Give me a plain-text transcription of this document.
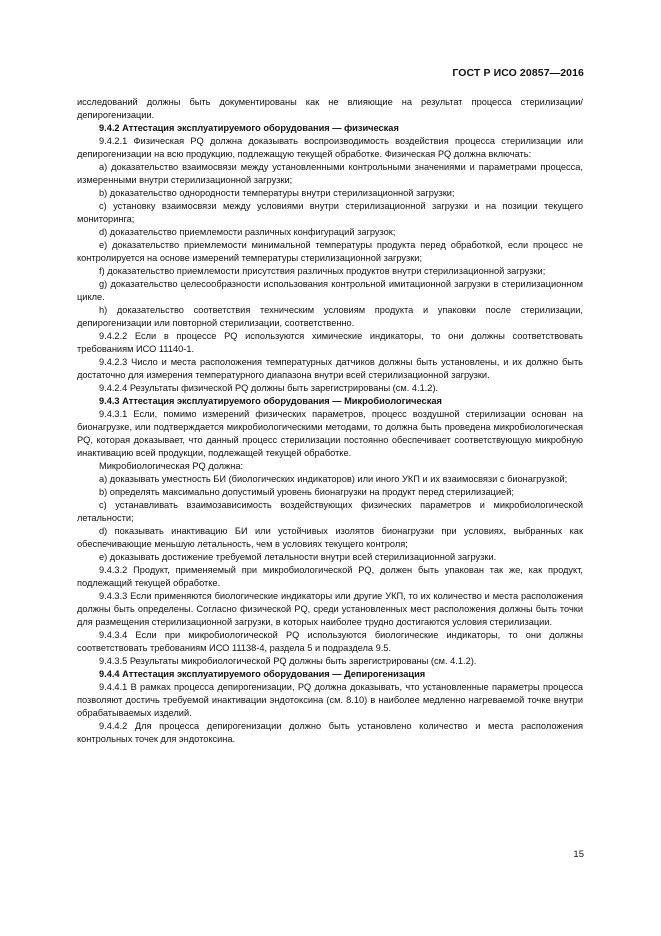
ГОСТ Р ИСО 20857—2016

исследований должны быть документированы как не влияющие на результат процесса стерилизации/депирогенизации.

9.4.2 Аттестация эксплуатируемого оборудования — физическая

9.4.2.1 Физическая PQ должна доказывать воспроизводимость воздействия процесса стерилизации или депирогенизации на всю продукцию, подлежащую текущей обработке. Физическая PQ должна включать:

a) доказательство взаимосвязи между установленными контрольными значениями и параметрами процесса, измеренными внутри стерилизационной загрузки;

b) доказательство однородности температуры внутри стерилизационной загрузки;

c) установку взаимосвязи между условиями внутри стерилизационной загрузки и на позиции текущего мониторинга;

d) доказательство приемлемости различных конфигураций загрузок;

e) доказательство приемлемости минимальной температуры продукта перед обработкой, если процесс не контролируется на основе измерений температуры стерилизационной загрузки;

f) доказательство приемлемости присутствия различных продуктов внутри стерилизационной загрузки;

g) доказательство целесообразности использования контрольной имитационной загрузки в стерилизационном цикле.

h) доказательство соответствия техническим условиям продукта и упаковки после стерилизации, депирогенизации или повторной стерилизации, соответственно.

9.4.2.2 Если в процессе PQ используются химические индикаторы, то они должны соответствовать требованиям ИСО 11140-1.

9.4.2.3 Число и места расположения температурных датчиков должны быть установлены, и их должно быть достаточно для измерения температурного диапазона внутри всей стерилизационной загрузки.

9.4.2.4 Результаты физической PQ должны быть зарегистрированы (см. 4.1.2).

9.4.3 Аттестация эксплуатируемого оборудования — Микробиологическая

9.4.3.1 Если, помимо измерений физических параметров, процесс воздушной стерилизации основан на бионагрузке, или подтверждается микробиологическими методами, то должна быть проведена микробиологическая PQ, которая доказывает, что данный процесс стерилизации постоянно обеспечивает соответствующую микробную инактивацию всей продукции, подлежащей текущей обработке.

Микробиологическая PQ должна:

a) доказывать уместность БИ (биологических индикаторов) или иного УКП и их взаимосвязи с бионагрузкой;

b) определять максимально допустимый уровень бионагрузки на продукт перед стерилизацией;

c) устанавливать взаимозависимость воздействующих физических параметров и микробиологической летальности;

d) показывать инактивацию БИ или устойчивых изолятов бионагрузки при условиях, выбранных как обеспечивающие меньшую летальность, чем в условиях текущего контроля;

e) доказывать достижение требуемой летальности внутри всей стерилизационной загрузки.

9.4.3.2 Продукт, применяемый при микробиологической PQ, должен быть упакован так же, как продукт, подлежащий текущей обработке.

9.4.3.3 Если применяются биологические индикаторы или другие УКП, то их количество и места расположения должны быть определены. Согласно физической PQ, среди установленных мест расположения должны быть точки для размещения стерилизационной загрузки, в которых наиболее трудно достигаются условия стерилизации.

9.4.3.4 Если при микробиологической PQ используются биологические индикаторы, то они должны соответствовать требованиям ИСО 11138-4, раздела 5 и подраздела 9.5.

9.4.3.5 Результаты микробиологической PQ должны быть зарегистрированы (см. 4.1.2).

9.4.4 Аттестация эксплуатируемого оборудования — Депирогенизация

9.4.4.1 В рамках процесса депирогенизации, PQ должна доказывать, что установленные параметры процесса позволяют достичь требуемой инактивации эндотоксина (см. 8.10) в наиболее медленно нагреваемой точке внутри обрабатываемых изделий.

9.4.4.2 Для процесса депирогенизации должно быть установлено количество и места расположения контрольных точек для эндотоксина.

15
